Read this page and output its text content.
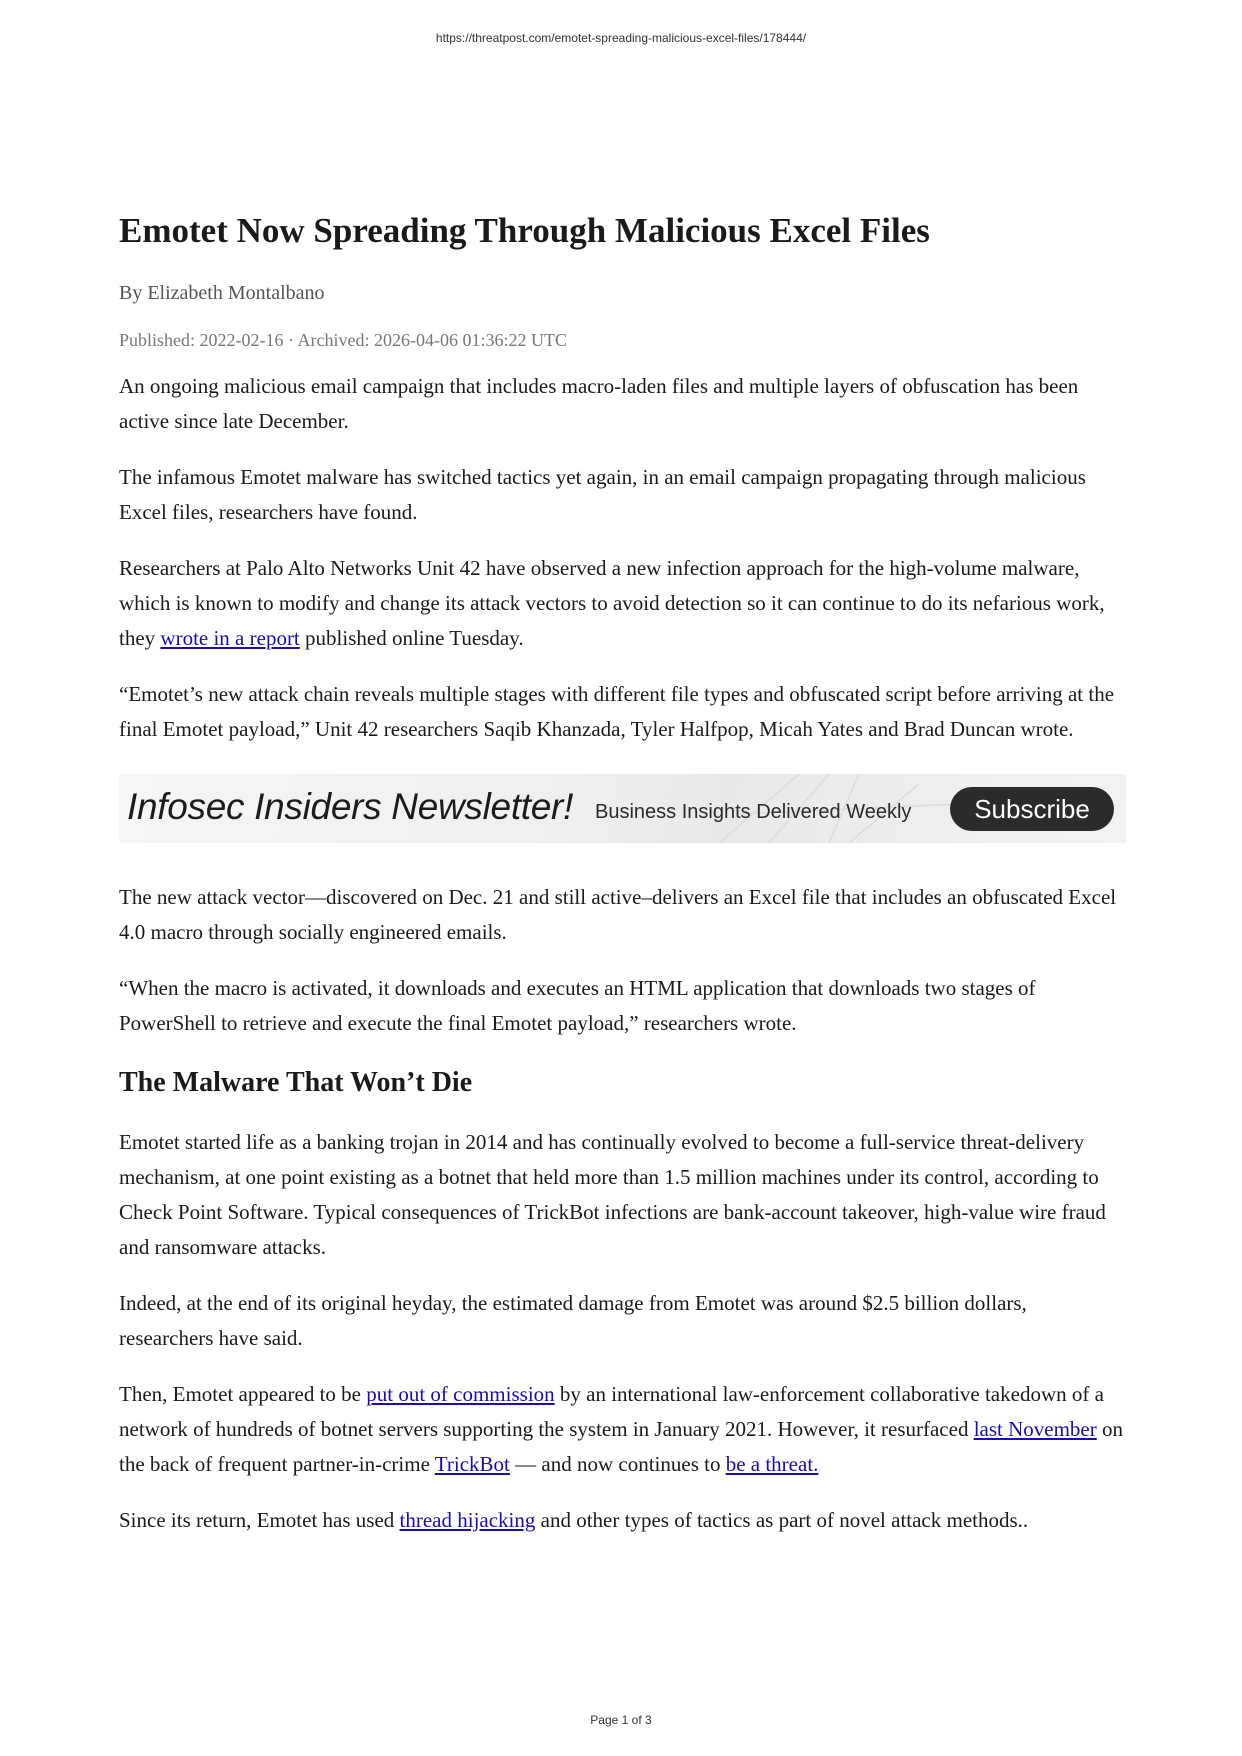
https://threatpost.com/emotet-spreading-malicious-excel-files/178444/
Emotet Now Spreading Through Malicious Excel Files
By Elizabeth Montalbano
Published: 2022-02-16 · Archived: 2026-04-06 01:36:22 UTC

An ongoing malicious email campaign that includes macro-laden files and multiple layers of obfuscation has been active since late December.

The infamous Emotet malware has switched tactics yet again, in an email campaign propagating through malicious Excel files, researchers have found.

Researchers at Palo Alto Networks Unit 42 have observed a new infection approach for the high-volume malware, which is known to modify and change its attack vectors to avoid detection so it can continue to do its nefarious work, they wrote in a report published online Tuesday.

“Emotet’s new attack chain reveals multiple stages with different file types and obfuscated script before arriving at the final Emotet payload,” Unit 42 researchers Saqib Khanzada, Tyler Halfpop, Micah Yates and Brad Duncan wrote.

Infosec Insiders Newsletter! Business Insights Delivered Weekly	Subscribe

The new attack vector—discovered on Dec. 21 and still active–delivers an Excel file that includes an obfuscated Excel 4.0 macro through socially engineered emails.

“When the macro is activated, it downloads and executes an HTML application that downloads two stages of PowerShell to retrieve and execute the final Emotet payload,” researchers wrote.

The Malware That Won’t Die

Emotet started life as a banking trojan in 2014 and has continually evolved to become a full-service threat-delivery mechanism, at one point existing as a botnet that held more than 1.5 million machines under its control, according to Check Point Software. Typical consequences of TrickBot infections are bank-account takeover, high-value wire fraud and ransomware attacks.

Indeed, at the end of its original heyday, the estimated damage from Emotet was around $2.5 billion dollars, researchers have said.

Then, Emotet appeared to be put out of commission by an international law-enforcement collaborative takedown of a network of hundreds of botnet servers supporting the system in January 2021. However, it resurfaced last November on the back of frequent partner-in-crime TrickBot — and now continues to be a threat.

Since its return, Emotet has used thread hijacking and other types of tactics as part of novel attack methods..

Page 1 of 3
